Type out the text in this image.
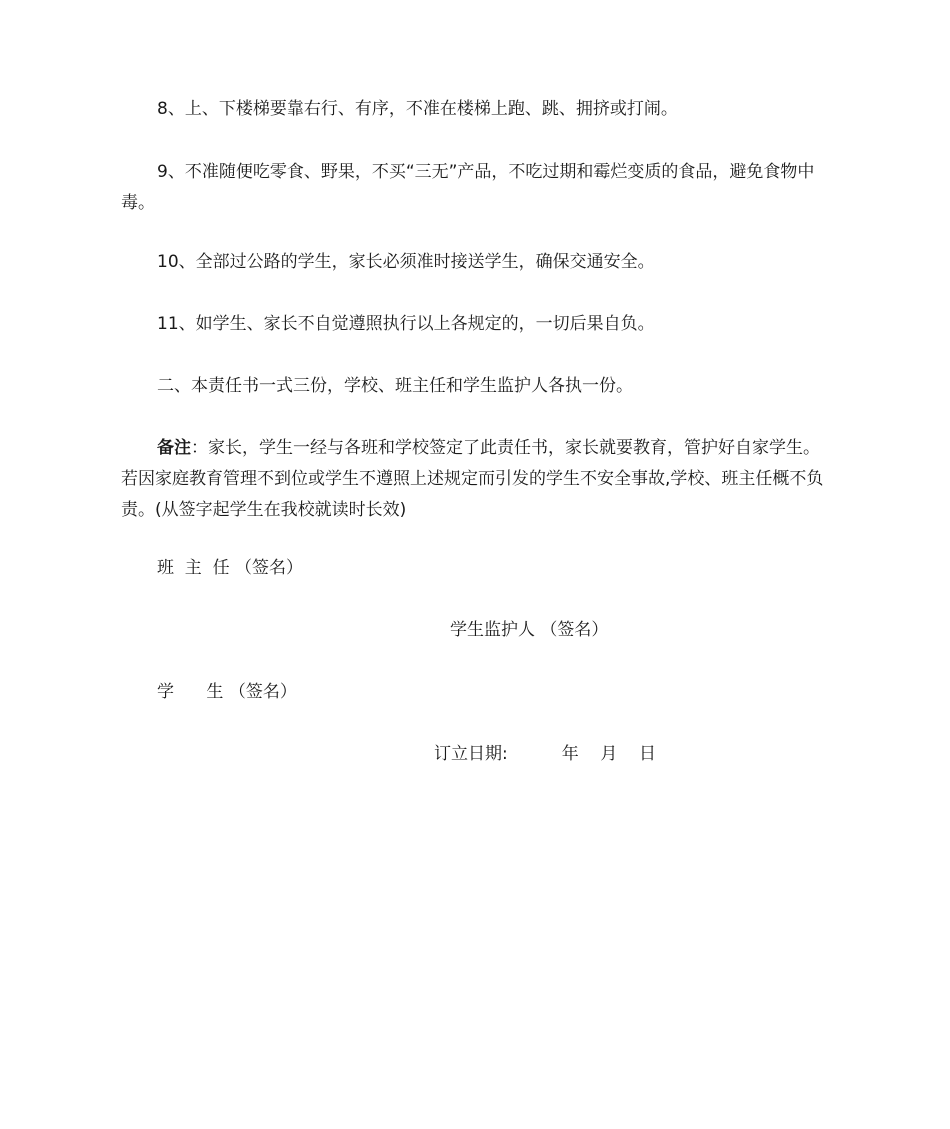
8、上、下楼梯要靠右行、有序，不准在楼梯上跑、跳、拥挤或打闹。

9、不准随便吃零食、野果，不买“三无”产品，不吃过期和霉烂变质的食品，避免食物中毒。

10、全部过公路的学生，家长必须准时接送学生，确保交通安全。

11、如学生、家长不自觉遵照执行以上各规定的，一切后果自负。

二、本责任书一式三份，学校、班主任和学生监护人各执一份。

备注：家长，学生一经与各班和学校签定了此责任书，家长就要教育，管护好自家学生。若因家庭教育管理不到位或学生不遵照上述规定而引发的学生不安全事故,学校、班主任概不负责。(从签字起学生在我校就读时长效)

班  主  任 （签名）

学生监护人 （签名）

学      生 （签名）

订立日期:          年    月    日
